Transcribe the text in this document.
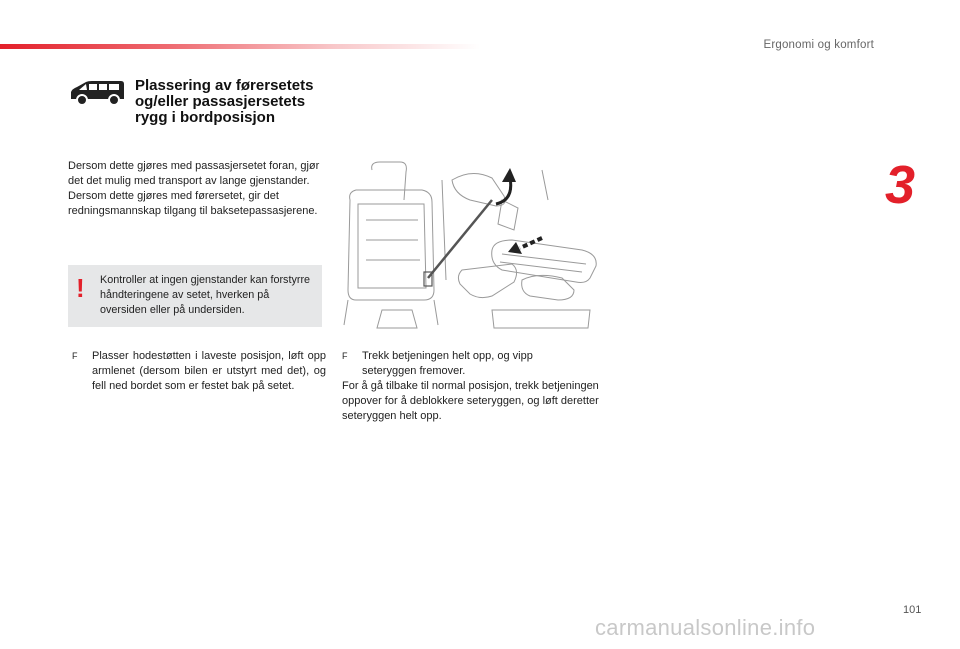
Ergonomi og komfort
3
Plassering av førersetets og/eller passasjersetets rygg i bordposisjon

Dersom dette gjøres med passasjersetet foran, gjør det det mulig med transport av lange gjenstander.

Dersom dette gjøres med førersetet, gir det redningsmannskap tilgang til baksetepassasjerene.

! Kontroller at ingen gjenstander kan forstyrre håndteringene av setet, hverken på oversiden eller på undersiden.
F Plasser hodestøtten i laveste posisjon, løft opp armlenet (dersom bilen er utstyrt med det), og fell ned bordet som er festet bak på setet.
F Trekk betjeningen helt opp, og vipp seteryggen fremover.

For å gå tilbake til normal posisjon, trekk betjeningen oppover for å deblokkere seteryggen, og løft deretter seteryggen helt opp.

101
carmanualsonline.info
